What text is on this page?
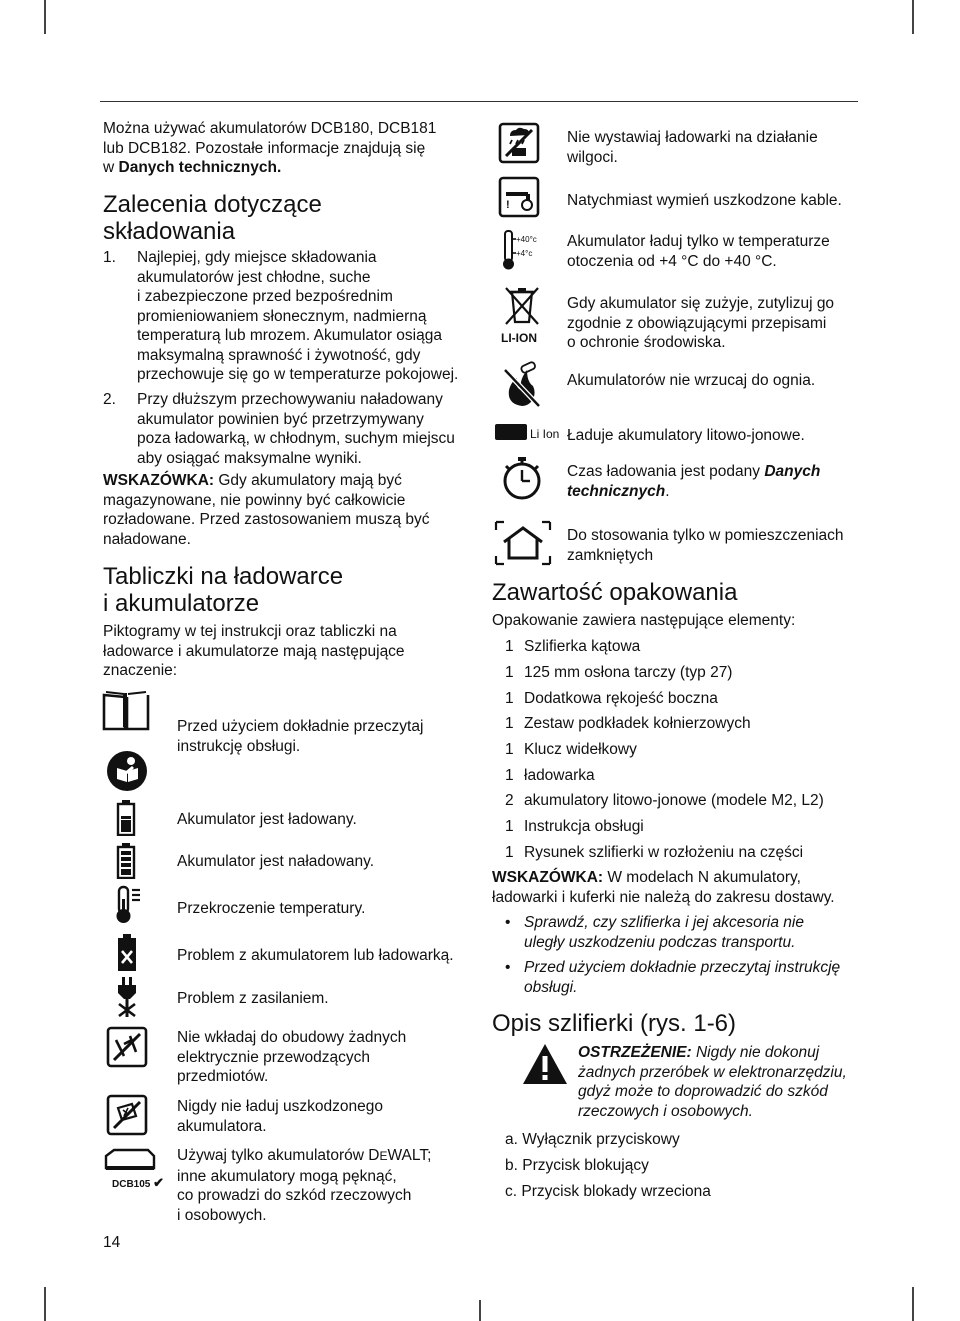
Można używać akumulatorów DCB180, DCB181
lub DCB182. Pozostałe informacje znajdują się
w Danych technicznych.
Zalecenia dotyczące
składowania
1. Najlepiej, gdy miejsce składowania
akumulatorów jest chłodne, suche
i zabezpieczone przed bezpośrednim
promieniowaniem słonecznym, nadmierną
temperaturą lub mrozem. Akumulator osiąga
maksymalną sprawność i żywotność, gdy
przechowuje się go w temperaturze pokojowej.
2. Przy dłuższym przechowywaniu naładowany
akumulator powinien być przetrzymywany
poza ładowarką, w chłodnym, suchym miejscu
aby osiągać maksymalne wyniki.
WSKAZÓWKA: Gdy akumulatory mają być
magazynowane, nie powinny być całkowicie
rozładowane. Przed zastosowaniem muszą być
naładowane.
Tabliczki na ładowarce
i akumulatorze
Piktogramy w tej instrukcji oraz tabliczki na
ładowarce i akumulatorze mają następujące
znaczenie:
Przed użyciem dokładnie przeczytaj
instrukcję obsługi.
Akumulator jest ładowany.
Akumulator jest naładowany.
Przekroczenie temperatury.
Problem z akumulatorem lub ładowarką.
Problem z zasilaniem.
Nie wkładaj do obudowy żadnych
elektrycznie przewodzących
przedmiotów.
Nigdy nie ładuj uszkodzonego
akumulatora.
DCB105 ✔
Używaj tylko akumulatorów DEWALT;
inne akumulatory mogą pęknąć,
co prowadzi do szkód rzeczowych
i osobowych.
14
Nie wystawiaj ładowarki na działanie
wilgoci.
!	Natychmiast wymień uszkodzone kable.
+40°c
+4°c
Akumulator ładuj tylko w temperaturze
otoczenia od +4 °C do +40 °C.
LI-ION
Gdy akumulator się zużyje, zutylizuj go
zgodnie z obowiązującymi przepisami
o ochronie środowiska.
Akumulatorów nie wrzucaj do ognia.
Li Ion Ładuje akumulatory litowo-jonowe.
Czas ładowania jest podany Danych
technicznych.
Do stosowania tylko w pomieszczeniach
zamkniętych
Zawartość opakowania
Opakowanie zawiera następujące elementy:
1 Szlifierka kątowa
1 125 mm osłona tarczy (typ 27)
1 Dodatkowa rękojeść boczna
1 Zestaw podkładek kołnierzowych
1 Klucz widełkowy
1 ładowarka
2 akumulatory litowo-jonowe (modele M2, L2)
1 Instrukcja obsługi
1 Rysunek szlifierki w rozłożeniu na części
WSKAZÓWKA: W modelach N akumulatory,
ładowarki i kuferki nie należą do zakresu dostawy.
• Sprawdź, czy szlifierka i jej akcesoria nie
uległy uszkodzeniu podczas transportu.
• Przed użyciem dokładnie przeczytaj instrukcję
obsługi.
Opis szlifierki (rys. 1-6)
OSTRZEŻENIE: Nigdy nie dokonuj
żadnych przeróbek w elektronarzędziu,
gdyż może to doprowadzić do szkód
rzeczowych i osobowych.
a. Wyłącznik przyciskowy
b. Przycisk blokujący
c. Przycisk blokady wrzeciona
